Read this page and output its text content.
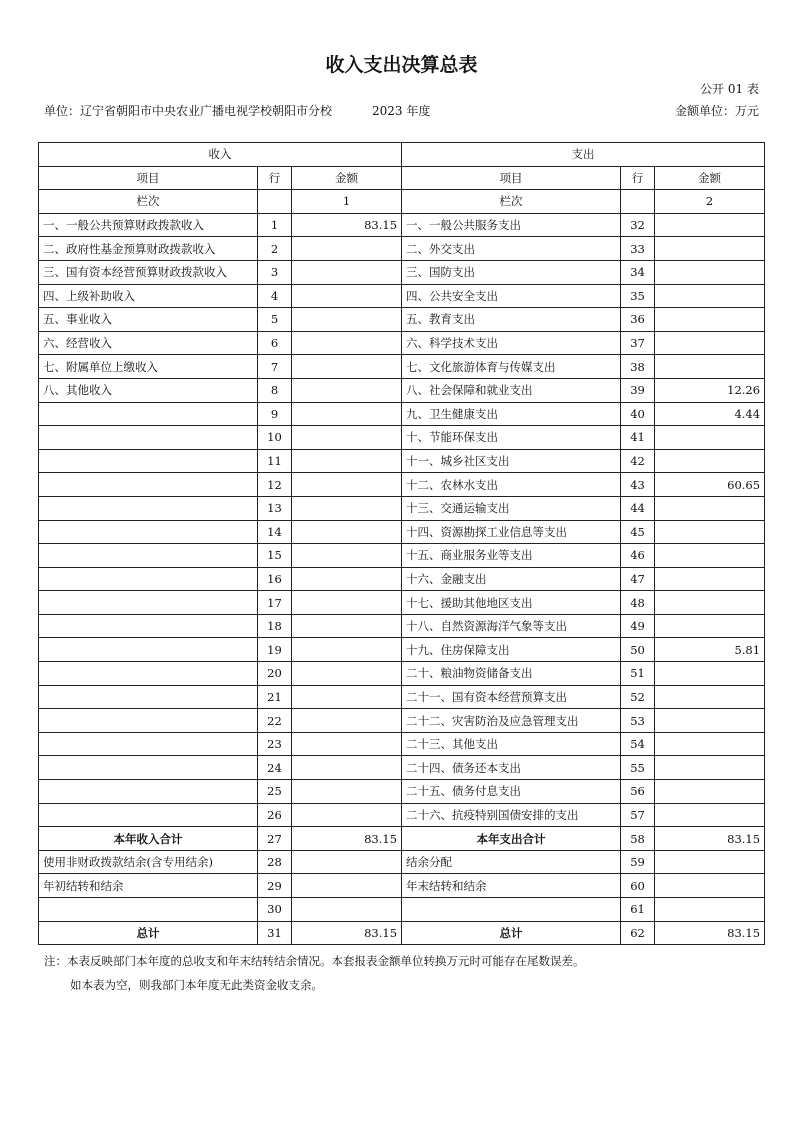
收入支出决算总表
公开 01 表
单位：辽宁省朝阳市中央农业广播电视学校朝阳市分校	2023 年度	金额单位：万元
收入			支出		
项目	行	金额	项目	行	金额
栏次		1	栏次		2
一、一般公共预算财政拨款收入	1	83.15	一、一般公共服务支出	32	
二、政府性基金预算财政拨款收入	2		二、外交支出	33	
三、国有资本经营预算财政拨款收入	3		三、国防支出	34	
四、上级补助收入	4		四、公共安全支出	35	
五、事业收入	5		五、教育支出	36	
六、经营收入	6		六、科学技术支出	37	
七、附属单位上缴收入	7		七、文化旅游体育与传媒支出	38	
八、其他收入	8		八、社会保障和就业支出	39	12.26
	9		九、卫生健康支出	40	4.44
	10		十、节能环保支出	41	
	11		十一、城乡社区支出	42	
	12		十二、农林水支出	43	60.65
	13		十三、交通运输支出	44	
	14		十四、资源勘探工业信息等支出	45	
	15		十五、商业服务业等支出	46	
	16		十六、金融支出	47	
	17		十七、援助其他地区支出	48	
	18		十八、自然资源海洋气象等支出	49	
	19		十九、住房保障支出	50	5.81
	20		二十、粮油物资储备支出	51	
	21		二十一、国有资本经营预算支出	52	
	22		二十二、灾害防治及应急管理支出	53	
	23		二十三、其他支出	54	
	24		二十四、债务还本支出	55	
	25		二十五、债务付息支出	56	
	26		二十六、抗疫特别国债安排的支出	57	
本年收入合计	27	83.15	本年支出合计	58	83.15
使用非财政拨款结余(含专用结余)	28		结余分配	59	
年初结转和结余	29		年末结转和结余	60	
	30			61	
总计	31	83.15	总计	62	83.15
注：本表反映部门本年度的总收支和年末结转结余情况。本套报表金额单位转换万元时可能存在尾数误差。
如本表为空，则我部门本年度无此类资金收支余。
